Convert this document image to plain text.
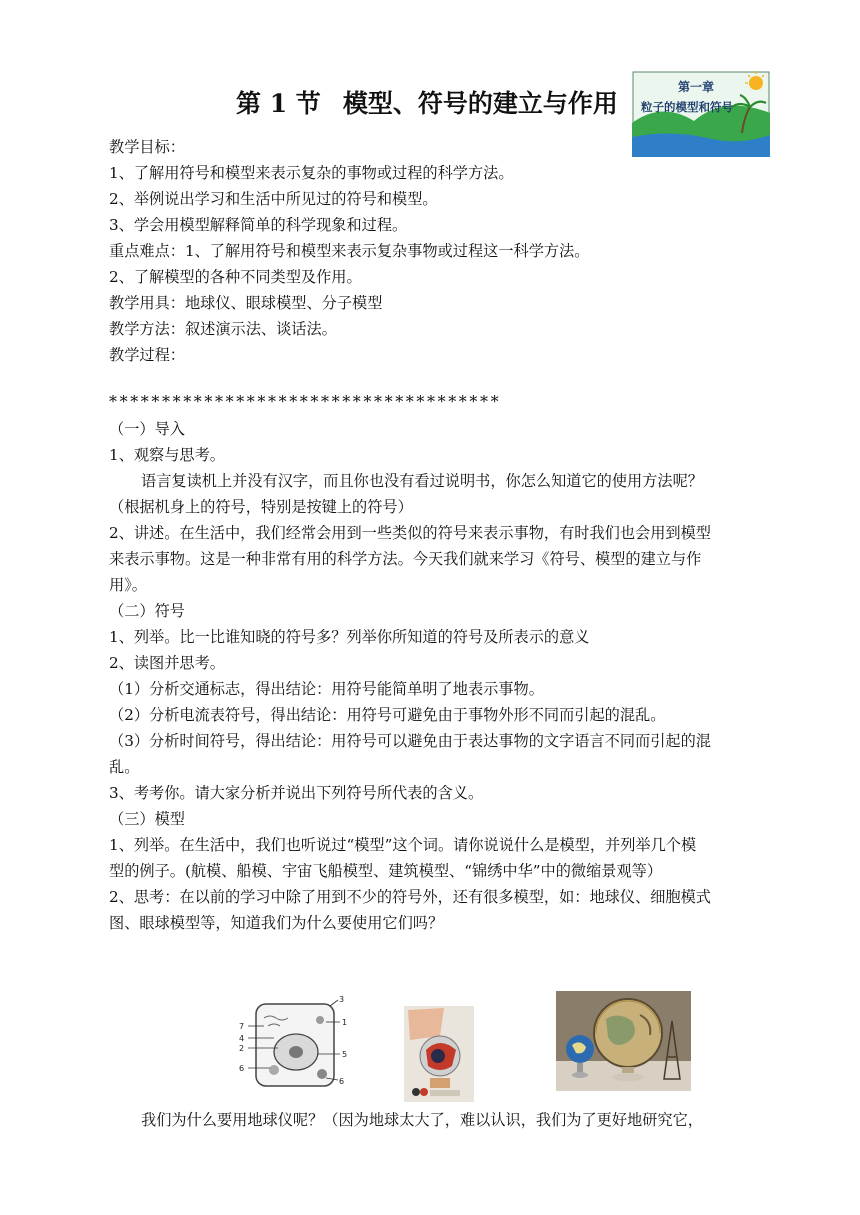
第 1 节 模型、符号的建立与作用
第一章
粒子的模型和符号
教学目标：
1、了解用符号和模型来表示复杂的事物或过程的科学方法。
2、举例说出学习和生活中所见过的符号和模型。
3、学会用模型解释简单的科学现象和过程。
重点难点：1、了解用符号和模型来表示复杂事物或过程这一科学方法。
2、了解模型的各种不同类型及作用。
教学用具：地球仪、眼球模型、分子模型
教学方法：叙述演示法、谈话法。
教学过程：
（一）导入
1、观察与思考。
语言复读机上并没有汉字，而且你也没有看过说明书，你怎么知道它的使用方法呢？
（根据机身上的符号，特别是按键上的符号）
2、讲述。在生活中，我们经常会用到一些类似的符号来表示事物，有时我们也会用到模型
来表示事物。这是一种非常有用的科学方法。今天我们就来学习《符号、模型的建立与作
用》。
（二）符号
1、列举。比一比谁知晓的符号多？列举你所知道的符号及所表示的意义
2、读图并思考。
（1）分析交通标志，得出结论：用符号能简单明了地表示事物。
（2）分析电流表符号，得出结论：用符号可避免由于事物外形不同而引起的混乱。
（3）分析时间符号，得出结论：用符号可以避免由于表达事物的文字语言不同而引起的混
乱。
3、考考你。请大家分析并说出下列符号所代表的含义。
（三）模型
1、列举。在生活中，我们也听说过“模型”这个词。请你说说什么是模型，并列举几个模
型的例子。(航模、船模、宇宙飞船模型、建筑模型、“锦绣中华”中的微缩景观等）
2、思考：在以前的学习中除了用到不少的符号外，还有很多模型，如：地球仪、细胞模式
图、眼球模型等，知道我们为什么要使用它们吗？
我们为什么要用地球仪呢？（因为地球太大了，难以认识，我们为了更好地研究它，
*************************************
3
1
7
4
2
5
6
6
